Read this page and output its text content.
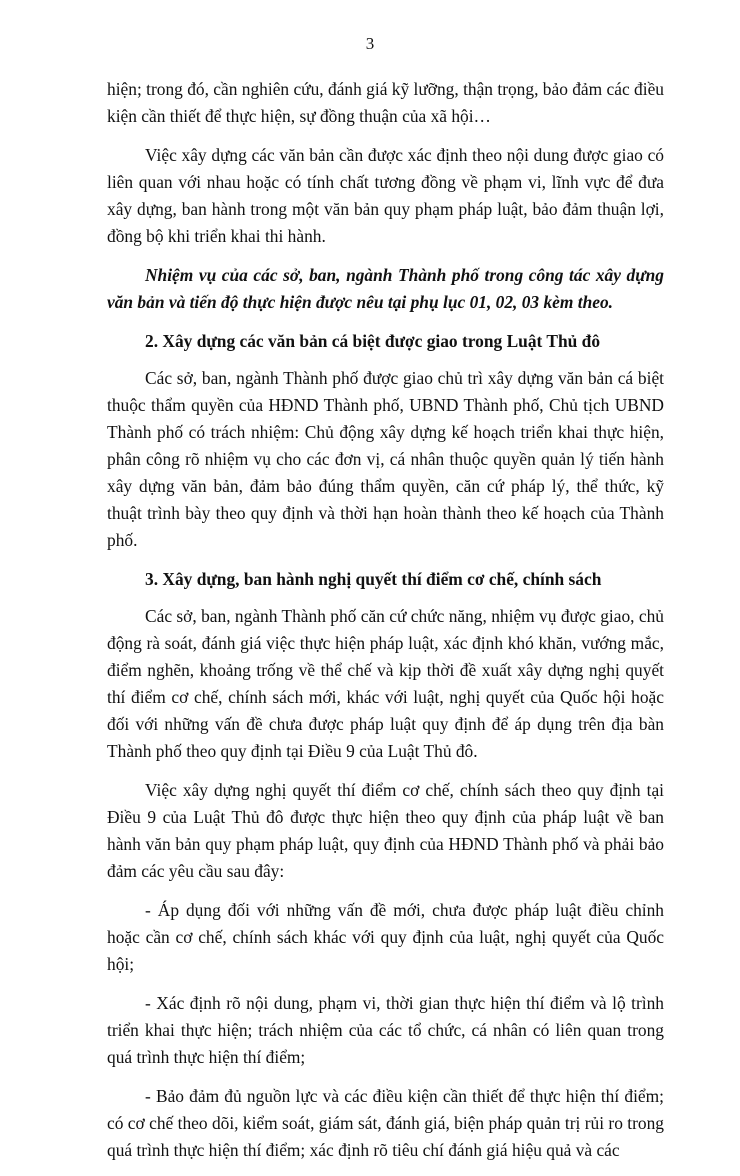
3

hiện; trong đó, cần nghiên cứu, đánh giá kỹ lưỡng, thận trọng, bảo đảm các điều kiện cần thiết để thực hiện, sự đồng thuận của xã hội…

Việc xây dựng các văn bản cần được xác định theo nội dung được giao có liên quan với nhau hoặc có tính chất tương đồng về phạm vi, lĩnh vực để đưa xây dựng, ban hành trong một văn bản quy phạm pháp luật, bảo đảm thuận lợi, đồng bộ khi triển khai thi hành.

Nhiệm vụ của các sở, ban, ngành Thành phố trong công tác xây dựng văn bản và tiến độ thực hiện được nêu tại phụ lục 01, 02, 03 kèm theo.

2. Xây dựng các văn bản cá biệt được giao trong Luật Thủ đô

Các sở, ban, ngành Thành phố được giao chủ trì xây dựng văn bản cá biệt thuộc thẩm quyền của HĐND Thành phố, UBND Thành phố, Chủ tịch UBND Thành phố có trách nhiệm: Chủ động xây dựng kế hoạch triển khai thực hiện, phân công rõ nhiệm vụ cho các đơn vị, cá nhân thuộc quyền quản lý tiến hành xây dựng văn bản, đảm bảo đúng thẩm quyền, căn cứ pháp lý, thể thức, kỹ thuật trình bày theo quy định và thời hạn hoàn thành theo kế hoạch của Thành phố.

3. Xây dựng, ban hành nghị quyết thí điểm cơ chế, chính sách

Các sở, ban, ngành Thành phố căn cứ chức năng, nhiệm vụ được giao, chủ động rà soát, đánh giá việc thực hiện pháp luật, xác định khó khăn, vướng mắc, điểm nghẽn, khoảng trống về thể chế và kịp thời đề xuất xây dựng nghị quyết thí điểm cơ chế, chính sách mới, khác với luật, nghị quyết của Quốc hội hoặc đối với những vấn đề chưa được pháp luật quy định để áp dụng trên địa bàn Thành phố theo quy định tại Điều 9 của Luật Thủ đô.

Việc xây dựng nghị quyết thí điểm cơ chế, chính sách theo quy định tại Điều 9 của Luật Thủ đô được thực hiện theo quy định của pháp luật về ban hành văn bản quy phạm pháp luật, quy định của HĐND Thành phố và phải bảo đảm các yêu cầu sau đây:

- Áp dụng đối với những vấn đề mới, chưa được pháp luật điều chỉnh hoặc cần cơ chế, chính sách khác với quy định của luật, nghị quyết của Quốc hội;

- Xác định rõ nội dung, phạm vi, thời gian thực hiện thí điểm và lộ trình triển khai thực hiện; trách nhiệm của các tổ chức, cá nhân có liên quan trong quá trình thực hiện thí điểm;

- Bảo đảm đủ nguồn lực và các điều kiện cần thiết để thực hiện thí điểm; có cơ chế theo dõi, kiểm soát, giám sát, đánh giá, biện pháp quản trị rủi ro trong quá trình thực hiện thí điểm; xác định rõ tiêu chí đánh giá hiệu quả và các
